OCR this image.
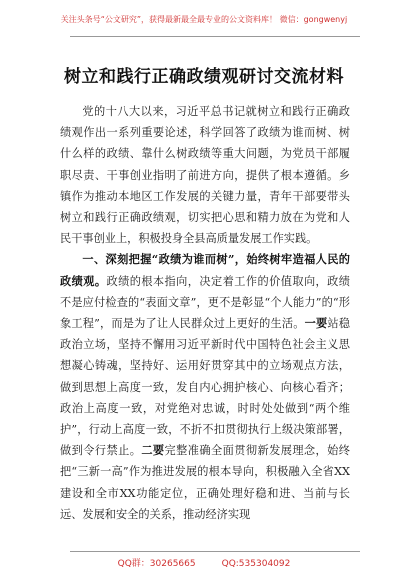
关注头条号“公文研究”，获得最新最全最专业的公文资料库！ 微信：gongwenyj
树立和践行正确政绩观研讨交流材料

党的十八大以来，习近平总书记就树立和践行正确政绩观作出一系列重要论述，科学回答了政绩为谁而树、树什么样的政绩、靠什么树政绩等重大问题，为党员干部履职尽责、干事创业指明了前进方向，提供了根本遵循。乡镇作为推动本地区工作发展的关键力量，青年干部要带头树立和践行正确政绩观，切实把心思和精力放在为党和人民干事创业上，积极投身全县高质量发展工作实践。

一、深刻把握“政绩为谁而树”，始终树牢造福人民的政绩观。政绩的根本指向，决定着工作的价值取向，政绩不是应付检查的“表面文章”，更不是彰显“个人能力”的“形象工程”，而是为了让人民群众过上更好的生活。一要站稳政治立场，坚持不懈用习近平新时代中国特色社会主义思想凝心铸魂，坚持好、运用好贯穿其中的立场观点方法，做到思想上高度一致，发自内心拥护核心、向核心看齐；政治上高度一致，对党绝对忠诚，时时处处做到“两个维护”，行动上高度一致，不折不扣贯彻执行上级决策部署，做到令行禁止。二要完整准确全面贯彻新发展理念，始终把“三新一高”作为推进发展的根本导向，积极融入全省XX建设和全市XX功能定位，正确处理好稳和进、当前与长远、发展和安全的关系，推动经济实现

QQ群：30265665	QQ:535304092
